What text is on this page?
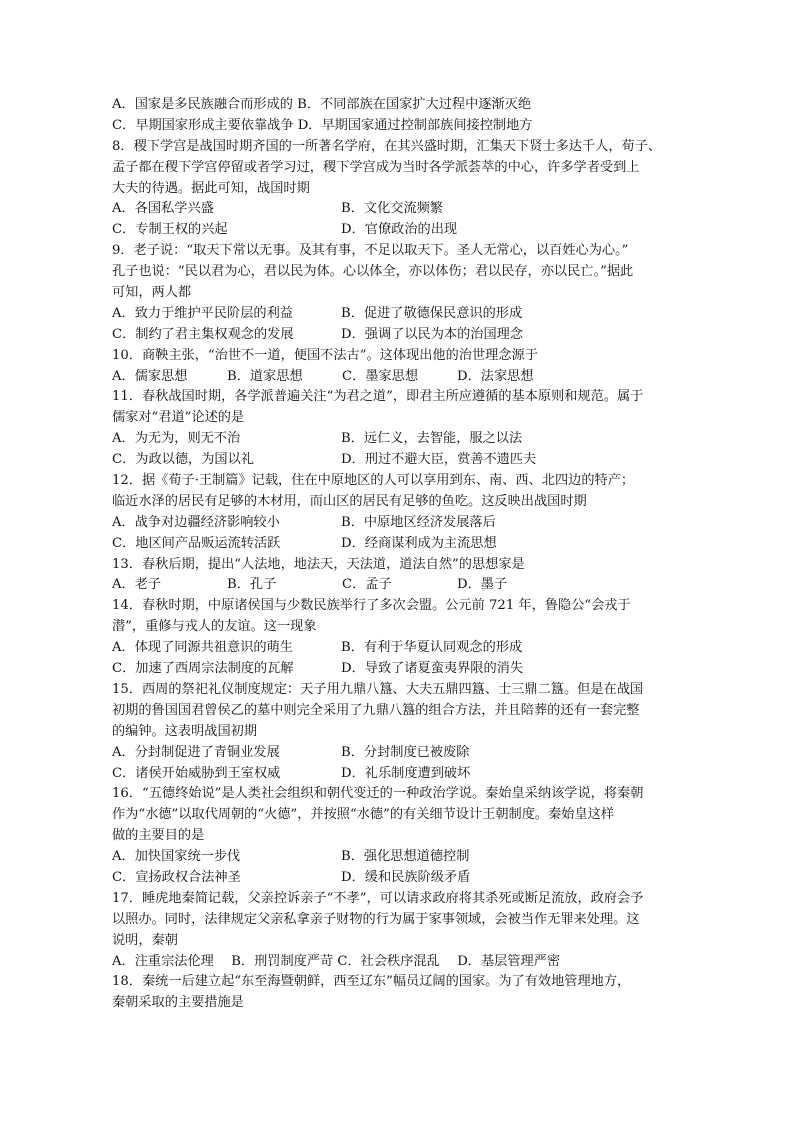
A．国家是多民族融合而形成的 B．不同部族在国家扩大过程中逐渐灭绝
C．早期国家形成主要依靠战争 D．早期国家通过控制部族间接控制地方
8．稷下学宫是战国时期齐国的一所著名学府，在其兴盛时期，汇集天下贤士多达千人，荀子、
孟子都在稷下学宫停留或者学习过，稷下学宫成为当时各学派荟萃的中心，许多学者受到上
大夫的待遇。据此可知，战国时期
A．各国私学兴盛	B．文化交流频繁
C．专制王权的兴起	D．官僚政治的出现
9．老子说：“取天下常以无事。及其有事，不足以取天下。圣人无常心，以百姓心为心。”
孔子也说：“民以君为心，君以民为体。心以体全，亦以体伤；君以民存，亦以民亡。”据此
可知，两人都
A．致力于维护平民阶层的利益	B．促进了敬德保民意识的形成
C．制约了君主集权观念的发展	D．强调了以民为本的治国理念
10．商鞅主张，“治世不一道，便国不法古”。这体现出他的治世理念源于
A．儒家思想	B．道家思想	C．墨家思想	D．法家思想
11．春秋战国时期，各学派普遍关注“为君之道”，即君主所应遵循的基本原则和规范。属于
儒家对“君道”论述的是
A．为无为，则无不治	B．远仁义，去智能，服之以法
C．为政以德，为国以礼	D．刑过不避大臣，赏善不遗匹夫
12．据《荀子·王制篇》记载，住在中原地区的人可以享用到东、南、西、北四边的特产；
临近水泽的居民有足够的木材用，而山区的居民有足够的鱼吃。这反映出战国时期
A．战争对边疆经济影响较小	B．中原地区经济发展落后
C．地区间产品贩运流转活跃	D．经商谋利成为主流思想
13．春秋后期，提出“人法地，地法天，天法道，道法自然”的思想家是
A．老子	B．孔子	C．孟子	D．墨子
14．春秋时期，中原诸侯国与少数民族举行了多次会盟。公元前 721 年，鲁隐公“会戎于
潜”，重修与戎人的友谊。这一现象
A．体现了同源共祖意识的萌生	B．有利于华夏认同观念的形成
C．加速了西周宗法制度的瓦解	D．导致了诸夏蛮夷界限的消失
15．西周的祭祀礼仪制度规定：天子用九鼎八簋、大夫五鼎四簋、士三鼎二簋。但是在战国
初期的鲁国国君曾侯乙的墓中则完全采用了九鼎八簋的组合方法，并且陪葬的还有一套完整
的编钟。这表明战国初期
A．分封制促进了青铜业发展	B．分封制度已被废除
C．诸侯开始威胁到王室权威	D．礼乐制度遭到破坏
16．“五德终始说”是人类社会组织和朝代变迁的一种政治学说。秦始皇采纳该学说，将秦朝
作为“水德”以取代周朝的“火德”，并按照“水德”的有关细节设计王朝制度。秦始皇这样
做的主要目的是
A．加快国家统一步伐	B．强化思想道德控制
C．宣扬政权合法神圣	D．缓和民族阶级矛盾
17．睡虎地秦简记载，父亲控诉亲子“不孝”，可以请求政府将其杀死或断足流放，政府会予
以照办。同时，法律规定父亲私拿亲子财物的行为属于家事领域，会被当作无罪来处理。这
说明，秦朝
A．注重宗法伦理　 B．刑罚制度严苛 C．社会秩序混乱　 D．基层管理严密
18．秦统一后建立起“东至海暨朝鲜，西至辽东”幅员辽阔的国家。为了有效地管理地方，
秦朝采取的主要措施是
